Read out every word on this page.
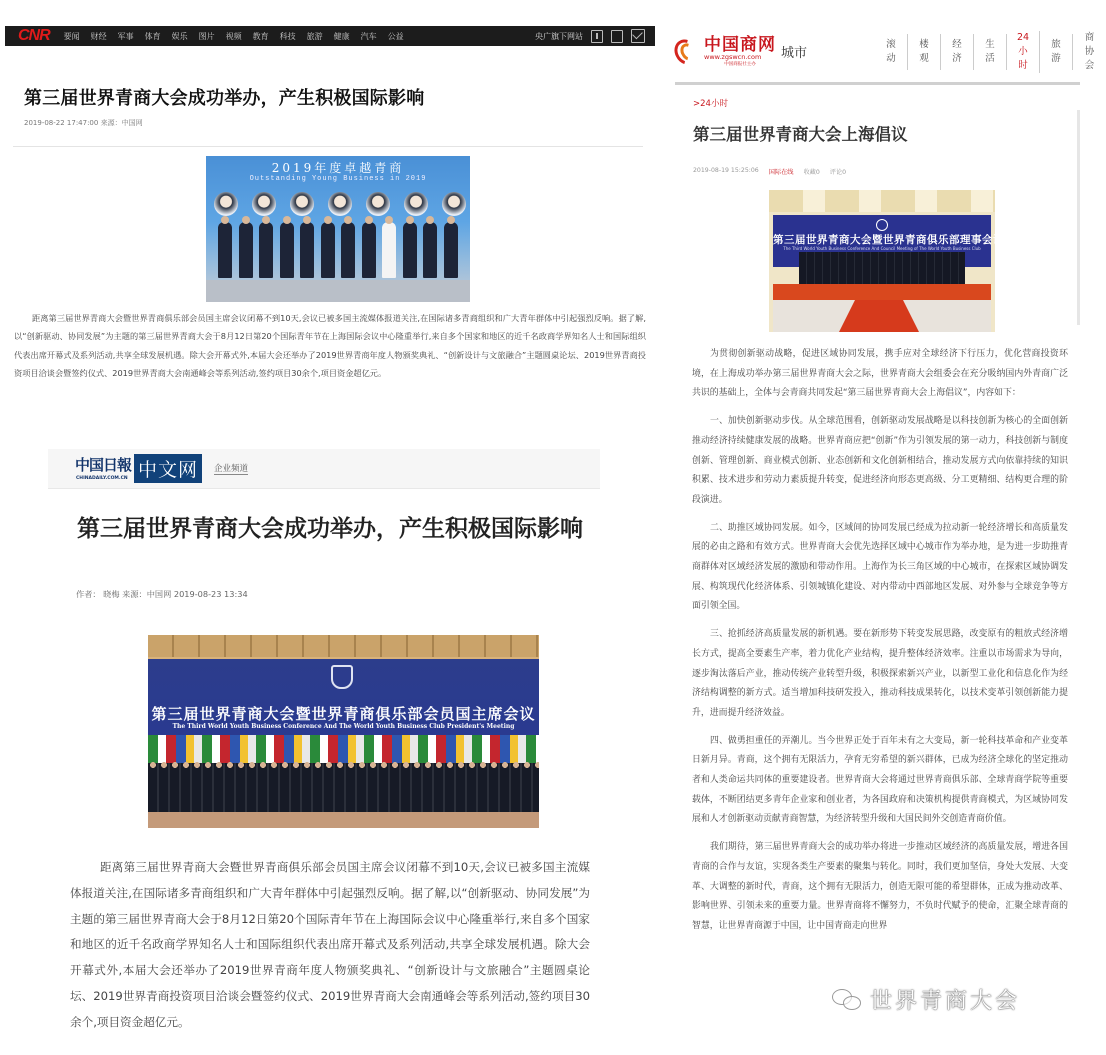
CNR 要闻 财经 军事 体育 娱乐 图片 视频 教育 科技 旅游 健康 汽车 公益	央广旗下网站
第三届世界青商大会成功举办，产生积极国际影响
2019-08-22 17:47:00 来源：中国网
2019年度卓越青商
Outstanding Young Business in 2019

距离第三届世界青商大会暨世界青商俱乐部会员国主席会议闭幕不到10天,会议已被多国主流媒体报道关注,在国际诸多青商组织和广大青年群体中引起强烈反响。据了解,以“创新驱动、协同发展”为主题的第三届世界青商大会于8月12日第20个国际青年节在上海国际会议中心隆重举行,来自多个国家和地区的近千名政商学界知名人士和国际组织代表出席开幕式及系列活动,共享全球发展机遇。除大会开幕式外,本届大会还举办了2019世界青商年度人物颁奖典礼、“创新设计与文旅融合”主题圆桌论坛、2019世界青商投资项目洽谈会暨签约仪式、2019世界青商大会南通峰会等系列活动,签约项目30余个,项目资金超亿元。

中国日報
CHINADAILY.COM.CN 中文网	企业频道
第三届世界青商大会成功举办，产生积极国际影响
作者： 晓梅 来源：中国网 2019-08-23 13:34
第三届世界青商大会暨世界青商俱乐部会员国主席会议
The Third World Youth Business Conference And The World Youth Business Club President's Meeting

距离第三届世界青商大会暨世界青商俱乐部会员国主席会议闭幕不到10天,会议已被多国主流媒体报道关注,在国际诸多青商组织和广大青年群体中引起强烈反响。据了解,以“创新驱动、协同发展”为主题的第三届世界青商大会于8月12日第20个国际青年节在上海国际会议中心隆重举行,来自多个国家和地区的近千名政商学界知名人士和国际组织代表出席开幕式及系列活动,共享全球发展机遇。除大会开幕式外,本届大会还举办了2019世界青商年度人物颁奖典礼、“创新设计与文旅融合”主题圆桌论坛、2019世界青商投资项目洽谈会暨签约仪式、2019世界青商大会南通峰会等系列活动,签约项目30余个,项目资金超亿元。

中国商网
www.zgswcn.com
中国商报社主办
城市
滚
动
楼
观
经
济
生
活
24
小
时
旅
游
商
协
会
>24小时
第三届世界青商大会上海倡议
2019-08-19 15:25:06 国际在线 收藏0 评论0
第三届世界青商大会暨世界青商俱乐部理事会议
The Third World Youth Business Conference And Council Meeting of The World Youth Business Club

为贯彻创新驱动战略，促进区域协同发展，携手应对全球经济下行压力，优化营商投资环境，在上海成功举办第三届世界青商大会之际，世界青商大会组委会在充分吸纳国内外青商广泛共识的基础上，全体与会青商共同发起“第三届世界青商大会上海倡议”，内容如下：

一、加快创新驱动步伐。从全球范围看，创新驱动发展战略是以科技创新为核心的全面创新推动经济持续健康发展的战略。世界青商应把“创新”作为引领发展的第一动力，科技创新与制度创新、管理创新、商业模式创新、业态创新和文化创新相结合，推动发展方式向依靠持续的知识积累、技术进步和劳动力素质提升转变，促进经济向形态更高级、分工更精细、结构更合理的阶段演进。

二、助推区域协同发展。如今，区域间的协同发展已经成为拉动新一轮经济增长和高质量发展的必由之路和有效方式。世界青商大会优先选择区域中心城市作为举办地，是为进一步助推青商群体对区域经济发展的激励和带动作用。上海作为长三角区域的中心城市，在探索区域协调发展、构筑现代化经济体系、引领城镇化建设、对内带动中西部地区发展、对外参与全球竞争等方面引领全国。

三、抢抓经济高质量发展的新机遇。要在新形势下转变发展思路，改变原有的粗放式经济增长方式，提高全要素生产率，着力优化产业结构，提升整体经济效率。注重以市场需求为导向，逐步淘汰落后产业，推动传统产业转型升级，积极探索新兴产业，以新型工业化和信息化作为经济结构调整的新方式。适当增加科技研发投入，推动科技成果转化，以技术变革引领创新能力提升，进而提升经济效益。

四、做勇担重任的弄潮儿。当今世界正处于百年未有之大变局，新一轮科技革命和产业变革日新月异。青商，这个拥有无限活力，孕育无穷希望的新兴群体，已成为经济全球化的坚定推动者和人类命运共同体的重要建设者。世界青商大会将通过世界青商俱乐部、全球青商学院等重要载体，不断团结更多青年企业家和创业者，为各国政府和决策机构提供青商模式，为区域协同发展和人才创新驱动贡献青商智慧，为经济转型升级和大国民间外交创造青商价值。

我们期待，第三届世界青商大会的成功举办将进一步推动区域经济的高质量发展，增进各国青商的合作与友谊，实现各类生产要素的聚集与转化。同时，我们更加坚信，身处大发展、大变革、大调整的新时代，青商，这个拥有无限活力，创造无限可能的希望群体，正成为推动改革、影响世界、引领未来的重要力量。世界青商将不懈努力，不负时代赋予的使命，汇聚全球青商的智慧，让世界青商源于中国，让中国青商走向世界

世界青商大会
